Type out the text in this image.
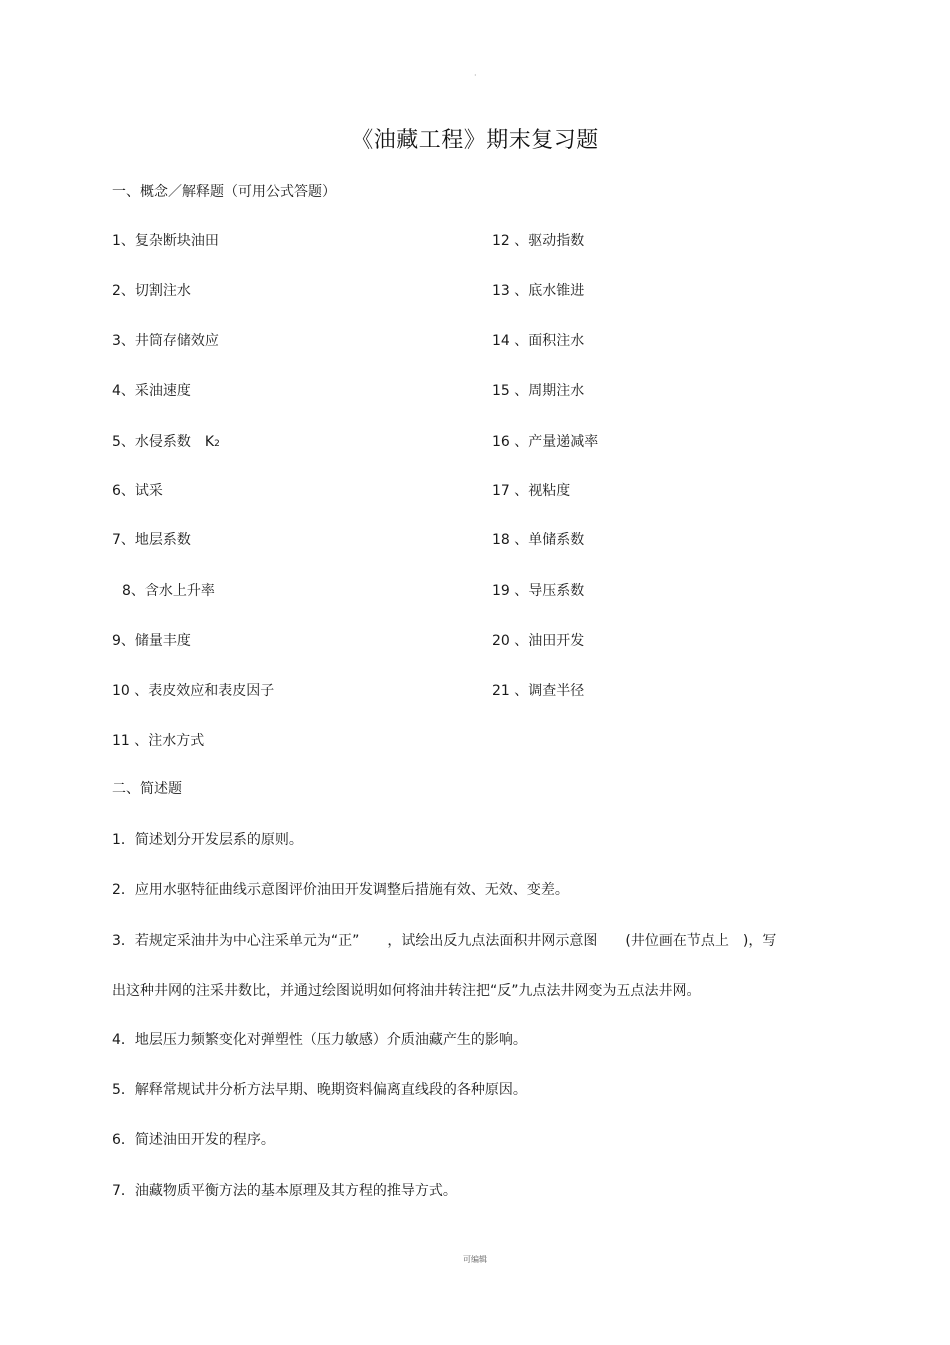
·
《油藏工程》期末复习题
一、概念／解释题（可用公式答题）
1、复杂断块油田
2、切割注水
3、井筒存储效应
4、采油速度
5、水侵系数　K2
6、试采
7、地层系数
8、含水上升率
9、储量丰度
10 、表皮效应和表皮因子
11 、注水方式
12 、驱动指数
13 、底水锥进
14 、面积注水
15 、周期注水
16 、产量递减率
17 、视粘度
18 、单储系数
19 、导压系数
20 、油田开发
21 、调查半径
二、简述题
1．简述划分开发层系的原则。
2．应用水驱特征曲线示意图评价油田开发调整后措施有效、无效、变差。
3．若规定采油井为中心注采单元为“正”　　，试绘出反九点法面积井网示意图　　(井位画在节点上　)，写
出这种井网的注采井数比，并通过绘图说明如何将油井转注把“反”九点法井网变为五点法井网。
4．地层压力频繁变化对弹塑性（压力敏感）介质油藏产生的影响。
5．解释常规试井分析方法早期、晚期资料偏离直线段的各种原因。
6．简述油田开发的程序。
7．油藏物质平衡方法的基本原理及其方程的推导方式。
可编辑
